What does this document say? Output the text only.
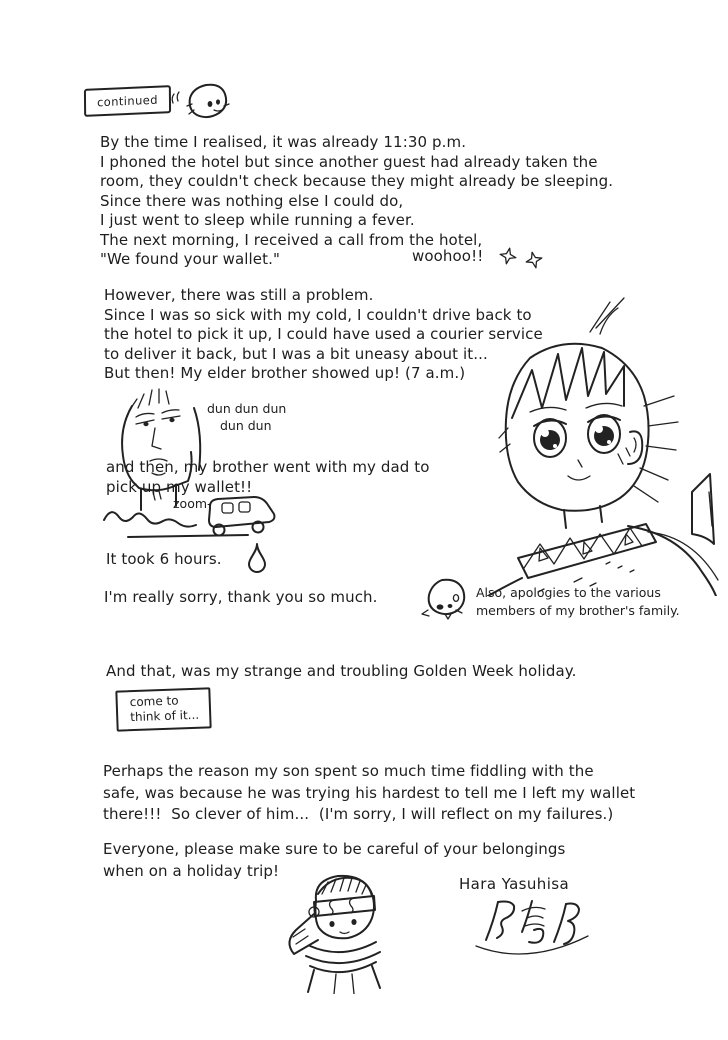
continued
By the time I realised, it was already 11:30 p.m.
I phoned the hotel but since another guest had already taken the
room, they couldn't check because they might already be sleeping.
Since there was nothing else I could do,
I just went to sleep while running a fever.
The next morning, I received a call from the hotel,
"We found your wallet."	woohoo!!
However, there was still a problem.
Since I was so sick with my cold, I couldn't drive back to
the hotel to pick it up, I could have used a courier service
to deliver it back, but I was a bit uneasy about it...
But then! My elder brother showed up! (7 a.m.)
dun dun dun
dun dun
and then, my brother went with my dad to
pick up my wallet!!
zoom-
It took 6 hours.
I'm really sorry, thank you so much.	Also, apologies to the various
members of my brother's family.
And that, was my strange and troubling Golden Week holiday.
come to
think of it...
Perhaps the reason my son spent so much time fiddling with the
safe, was because he was trying his hardest to tell me I left my wallet
there!!!  So clever of him...  (I'm sorry, I will reflect on my failures.)
Everyone, please make sure to be careful of your belongings
when on a holiday trip!
Hara Yasuhisa
